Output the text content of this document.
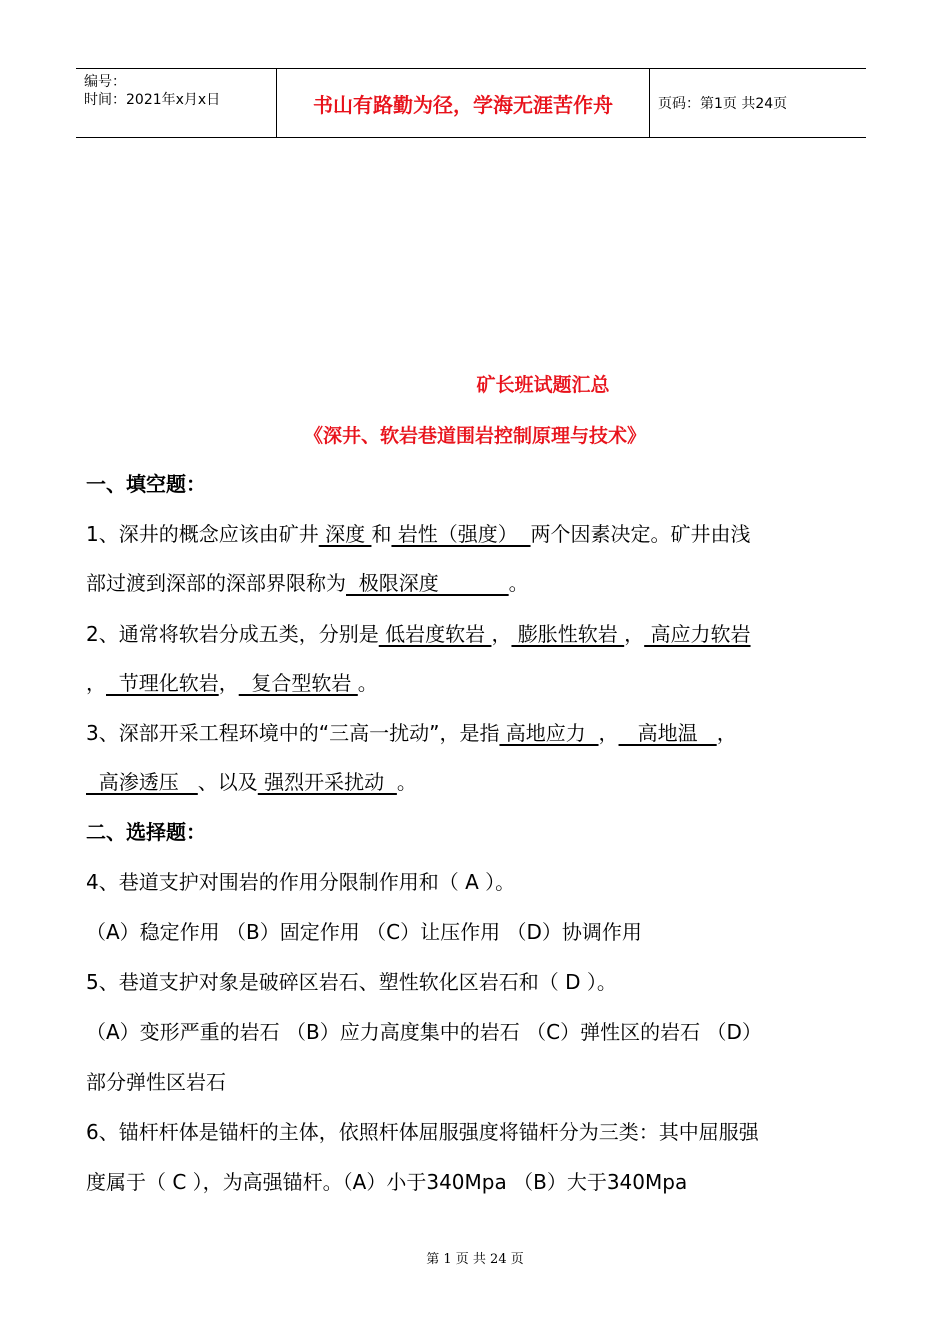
编号：
时间：2021年x月x日	书山有路勤为径，学海无涯苦作舟	页码：第1页 共24页
矿长班试题汇总
《深井、软岩巷道围岩控制原理与技术》
一、填空题：
1、深井的概念应该由矿井 深度 和 岩性（强度）  两个因素决定。矿井由浅
部过渡到深部的深部界限称为  极限深度           。
2、通常将软岩分成五类，分别是 低岩度软岩 ， 膨胀性软岩 ， 高应力软岩
，  节理化软岩，  复合型软岩 。
3、深部开采工程环境中的“三高一扰动”，是指 高地应力  ，   高地温   ，
高渗透压   、以及 强烈开采扰动  。
二、选择题：
4、巷道支护对围岩的作用分限制作用和（ A ）。
（A）稳定作用 （B）固定作用 （C）让压作用 （D）协调作用
5、巷道支护对象是破碎区岩石、塑性软化区岩石和（ D ）。
（A）变形严重的岩石 （B）应力高度集中的岩石 （C）弹性区的岩石 （D）
部分弹性区岩石
6、锚杆杆体是锚杆的主体，依照杆体屈服强度将锚杆分为三类：其中屈服强
度属于（ C ），为高强锚杆。（A）小于340Mpa （B）大于340Mpa
第 1 页 共 24 页
